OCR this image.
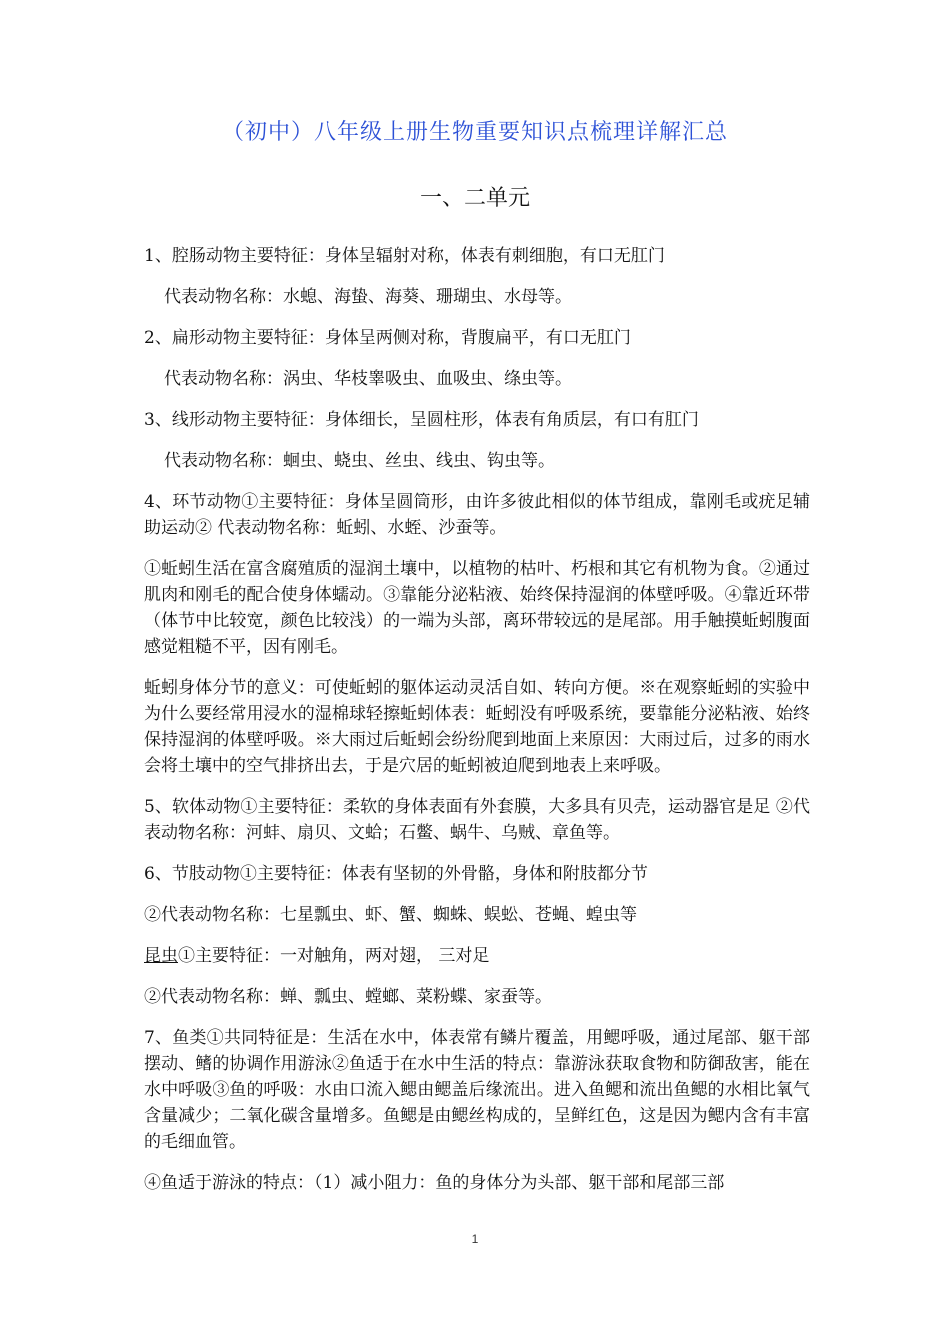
（初中）八年级上册生物重要知识点梳理详解汇总
一、二单元

1、腔肠动物主要特征：身体呈辐射对称，体表有刺细胞，有口无肛门

代表动物名称：水螅、海蛰、海葵、珊瑚虫、水母等。

2、扁形动物主要特征：身体呈两侧对称，背腹扁平，有口无肛门

代表动物名称：涡虫、华枝睾吸虫、血吸虫、绦虫等。

3、线形动物主要特征：身体细长，呈圆柱形，体表有角质层，有口有肛门

代表动物名称：蛔虫、蛲虫、丝虫、线虫、钩虫等。

4、环节动物①主要特征：身体呈圆筒形，由许多彼此相似的体节组成，靠刚毛或疣足辅助运动② 代表动物名称：蚯蚓、水蛭、沙蚕等。

①蚯蚓生活在富含腐殖质的湿润土壤中，以植物的枯叶、朽根和其它有机物为食。②通过肌肉和刚毛的配合使身体蠕动。③靠能分泌粘液、始终保持湿润的体壁呼吸。④靠近环带（体节中比较宽，颜色比较浅）的一端为头部，离环带较远的是尾部。用手触摸蚯蚓腹面感觉粗糙不平，因有刚毛。

蚯蚓身体分节的意义：可使蚯蚓的躯体运动灵活自如、转向方便。※在观察蚯蚓的实验中为什么要经常用浸水的湿棉球轻擦蚯蚓体表：蚯蚓没有呼吸系统，要靠能分泌粘液、始终保持湿润的体壁呼吸。※大雨过后蚯蚓会纷纷爬到地面上来原因：大雨过后，过多的雨水会将土壤中的空气排挤出去，于是穴居的蚯蚓被迫爬到地表上来呼吸。

5、软体动物①主要特征：柔软的身体表面有外套膜，大多具有贝壳，运动器官是足 ②代表动物名称：河蚌、扇贝、文蛤；石鳖、蜗牛、乌贼、章鱼等。

6、节肢动物①主要特征：体表有坚韧的外骨骼，身体和附肢都分节

②代表动物名称：七星瓢虫、虾、蟹、蜘蛛、蜈蚣、苍蝇、蝗虫等

昆虫①主要特征：一对触角，两对翅， 三对足

②代表动物名称：蝉、瓢虫、螳螂、菜粉蝶、家蚕等。

7、鱼类①共同特征是：生活在水中，体表常有鳞片覆盖，用鳃呼吸，通过尾部、躯干部摆动、鳍的协调作用游泳②鱼适于在水中生活的特点：靠游泳获取食物和防御敌害，能在水中呼吸③鱼的呼吸：水由口流入鳃由鳃盖后缘流出。进入鱼鳃和流出鱼鳃的水相比氧气含量减少；二氧化碳含量增多。鱼鳃是由鳃丝构成的，呈鲜红色，这是因为鳃内含有丰富的毛细血管。

④鱼适于游泳的特点：（1）减小阻力：鱼的身体分为头部、躯干部和尾部三部

1
